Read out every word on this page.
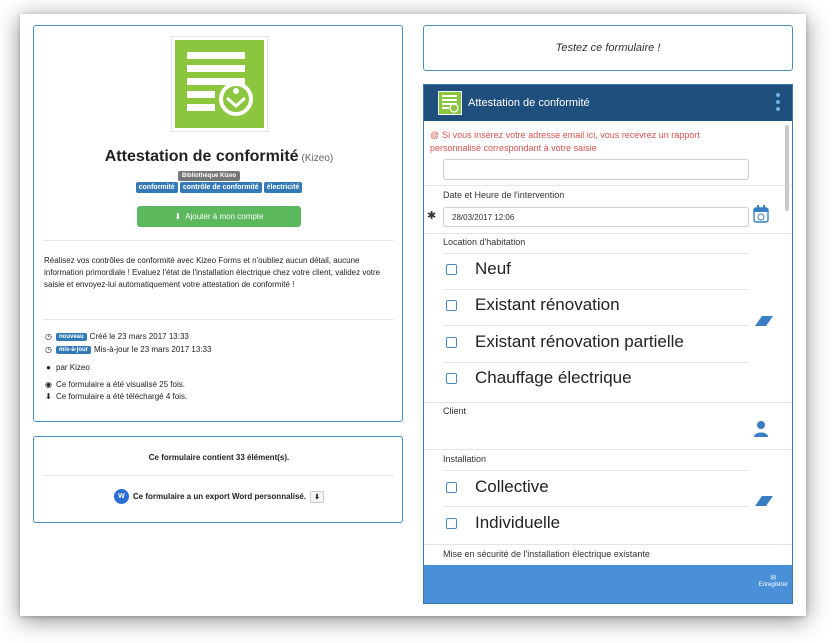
Attestation de conformité (Kizeo)
Bibliothèque Kizeo
conformité contrôle de conformité électricité
⬇ Ajouter à mon compte
Réalisez vos contrôles de conformité avec Kizeo Forms et n'oubliez aucun détail, aucune information primordiale ! Evaluez l'état de l'installation électrique chez votre client, validez votre saisie et envoyez-lui automatiquement votre attestation de conformité !
◷	nouveau Créé le 23 mars 2017 13:33
◷	mis-à-jour Mis-à-jour le 23 mars 2017 13:33
● par Kizeo
◉ Ce formulaire a été visualisé 25 fois.
⬇ Ce formulaire a été téléchargé 4 fois.
Ce formulaire contient 33 élément(s).
W	Ce formulaire a un export Word personnalisé.	⬇
Testez ce formulaire !
Attestation de conformité
@ Si vous insérez votre adresse email ici, vous recevrez un rapport personnalisé correspondant à votre saisie
Date et Heure de l'intervention
✱	28/03/2017 12:06
Location d'habitation
Neuf
Existant rénovation
Existant rénovation partielle
Chauffage électrique
Client
Installation
Collective
Individuelle
Mise en sécurité de l'installation électrique existante
✉
Enregistrer
